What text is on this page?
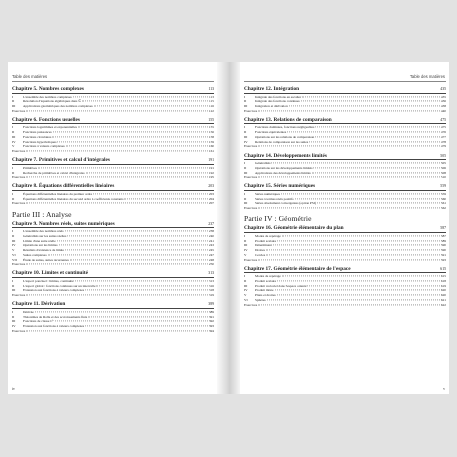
Table des matières
Chapitre 5. Nombres complexes	113
I	L'ensemble des nombres complexes	113
II	Résolution d'équations algébriques dans ℂ	115
III	Applications géométriques des nombres complexes	116
Exercices	122
Chapitre 6. Fonctions usuelles	155
I	Fonctions logarithmes et exponentielles	155
II	Fonctions puissances	156
III	Fonctions circulaires	158
IV	Fonctions hyperboliques	159
V	Fonctions à valeurs complexes	160
Exercices	161
Chapitre 7. Primitives et calcul d'intégrales	191
I	Primitives	191
II	Recherche de primitives et calcul d'intégrales	192
Exercices	195
Chapitre 8. Équations différentielles linéaires	203
I	Équations différentielles linéaires du premier ordre	203
II	Équations différentielles linéaires du second ordre à coefficients constants	204
Exercices	207
Partie III : Analyse
Chapitre 9. Nombres réels, suites numériques	237
I	L'ensemble des nombres réels	238
II	Généralités sur les suites réelles	240
III	Limite d'une suite réelle	241
IV	Opérations sur les limites	243
V	Résultats d'existence de limite	245
VI	Suites complexes	247
VII	Étude de suites, suites récurrentes	248
Exercices	250
Chapitre 10. Limites et continuité	313
I	L'aspect ponctuel : limites, continuité	313
II	L'aspect global : fonctions continues sur un intervalle	316
III	Extension aux fonctions à valeurs complexes	318
Exercices	319
Chapitre 11. Dérivation	389
I	Dérivée	389
II	Théorèmes de Rolle et des accroissements finis	391
III	Fonctions de classe Cᵏ	392
IV	Extension aux fonctions à valeurs complexes	393
Exercices	394
iv
Table des matières
Chapitre 12. Intégration	435
I	Intégrale des fonctions en escalier	435
II	Intégrale des fonctions continues	436
III	Intégration et dérivation	438
Exercices	440
Chapitre 13. Relations de comparaison	475
I	Fonctions dominées, fonctions négligeables	475
II	Fonctions équivalentes	476
III	Opérations sur les relations de comparaison	477
IV	Relations de comparaison sur les suites	478
Exercices	479
Chapitre 14. Développements limités	505
I	Généralités	505
II	Opérations sur les développements limités	506
III	Applications des développements limités	508
Exercices	510
Chapitre 15. Séries numériques	559
I	Séries numériques	559
II	Séries à termes réels positifs	560
III	Séries absolument convergentes (option PSI)	561
Exercices	562
Partie IV : Géométrie
Chapitre 16. Géométrie élémentaire du plan	587
I	Modes de repérage	587
II	Produit scalaire	589
III	Déterminant	590
IV	Droites	590
V	Cercles	591
Exercices	593
Chapitre 17. Géométrie élémentaire de l'espace	615
I	Modes de repérage	615
II	Produit scalaire	618
III	Produit vectoriel dans l'espace orienté	619
IV	Produit mixte	620
V	Plans et droites	620
VI	Sphères	621
Exercices	622
v
